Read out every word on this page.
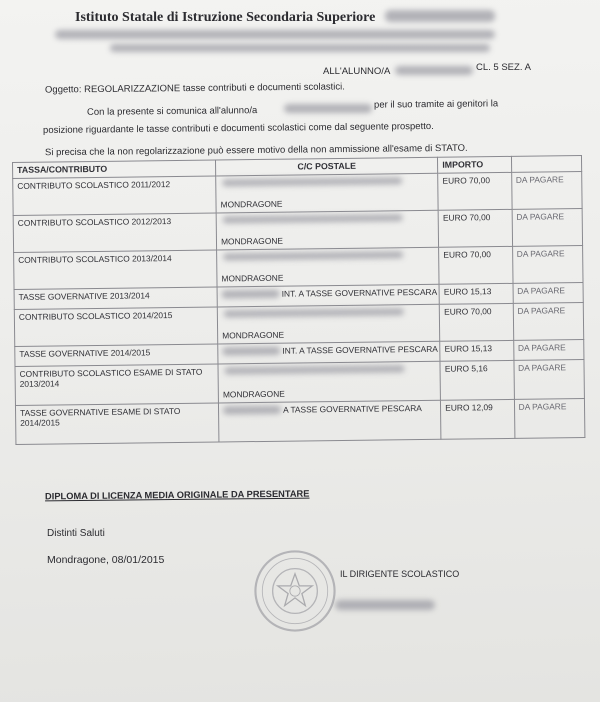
Istituto Statale di Istruzione Secondaria Superiore
ALL'ALUNNO/A	CL. 5 SEZ. A
Oggetto: REGOLARIZZAZIONE tasse contributi e documenti scolastici.
Con la presente si comunica all'alunno/a
per il suo tramite ai genitori la
posizione riguardante le tasse contributi e documenti scolastici come dal seguente prospetto.
Si precisa che la non regolarizzazione può essere motivo della non ammissione all'esame di STATO.
TASSA/CONTRIBUTO	C/C POSTALE	IMPORTO	
CONTRIBUTO SCOLASTICO 2011/2012	MONDRAGONE	EURO 70,00	DA PAGARE
CONTRIBUTO SCOLASTICO 2012/2013	MONDRAGONE	EURO 70,00	DA PAGARE
CONTRIBUTO SCOLASTICO 2013/2014	MONDRAGONE	EURO 70,00	DA PAGARE
TASSE GOVERNATIVE 2013/2014	INT. A TASSE GOVERNATIVE PESCARA	EURO 15,13	DA PAGARE
CONTRIBUTO SCOLASTICO 2014/2015	MONDRAGONE	EURO 70,00	DA PAGARE
TASSE GOVERNATIVE 2014/2015	INT. A TASSE GOVERNATIVE PESCARA	EURO 15,13	DA PAGARE
CONTRIBUTO SCOLASTICO ESAME DI STATO 2013/2014	MONDRAGONE	EURO 5,16	DA PAGARE
TASSE GOVERNATIVE ESAME DI STATO 2014/2015	A TASSE GOVERNATIVE PESCARA	EURO 12,09	DA PAGARE
DIPLOMA DI LICENZA MEDIA ORIGINALE DA PRESENTARE
Distinti Saluti
Mondragone, 08/01/2015
IL DIRIGENTE SCOLASTICO
